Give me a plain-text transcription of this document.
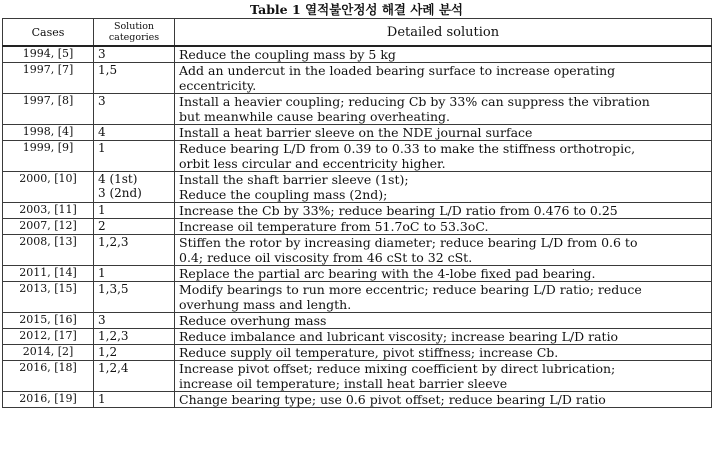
Table 1 열적불안정성 해결 사례 분석
Cases	Solution categories	Detailed solution
1994, [5]	3	Reduce the coupling mass by 5 kg

1997, [7]	1,5	Add an undercut in the loaded bearing surface to increase operating
eccentricity.

1997, [8]	3	Install a heavier coupling; reducing Cb by 33% can suppress the vibration
but meanwhile cause bearing overheating.

1998, [4]	4	Install a heat barrier sleeve on the NDE journal surface

1999, [9]	1	Reduce bearing L/D from 0.39 to 0.33 to make the stiffness orthotropic,
orbit less circular and eccentricity higher.

2000, [10]	4 (1st)
3 (2nd)	Install the shaft barrier sleeve (1st);
Reduce the coupling mass (2nd);

2003, [11]	1	Increase the Cb by 33%; reduce bearing L/D ratio from 0.476 to 0.25

2007, [12]	2	Increase oil temperature from 51.7oC to 53.3oC.

2008, [13]	1,2,3	Stiffen the rotor by increasing diameter; reduce bearing L/D from 0.6 to
0.4; reduce oil viscosity from 46 cSt to 32 cSt.

2011, [14]	1	Replace the partial arc bearing with the 4-lobe fixed pad bearing.

2013, [15]	1,3,5	Modify bearings to run more eccentric; reduce bearing L/D ratio; reduce
overhung mass and length.

2015, [16]	3	Reduce overhung mass

2012, [17]	1,2,3	Reduce imbalance and lubricant viscosity; increase bearing L/D ratio

2014, [2]	1,2	Reduce supply oil temperature, pivot stiffness; increase Cb.

2016, [18]	1,2,4	Increase pivot offset; reduce mixing coefficient by direct lubrication;
increase oil temperature; install heat barrier sleeve

2016, [19]	1	Change bearing type; use 0.6 pivot offset; reduce bearing L/D ratio
